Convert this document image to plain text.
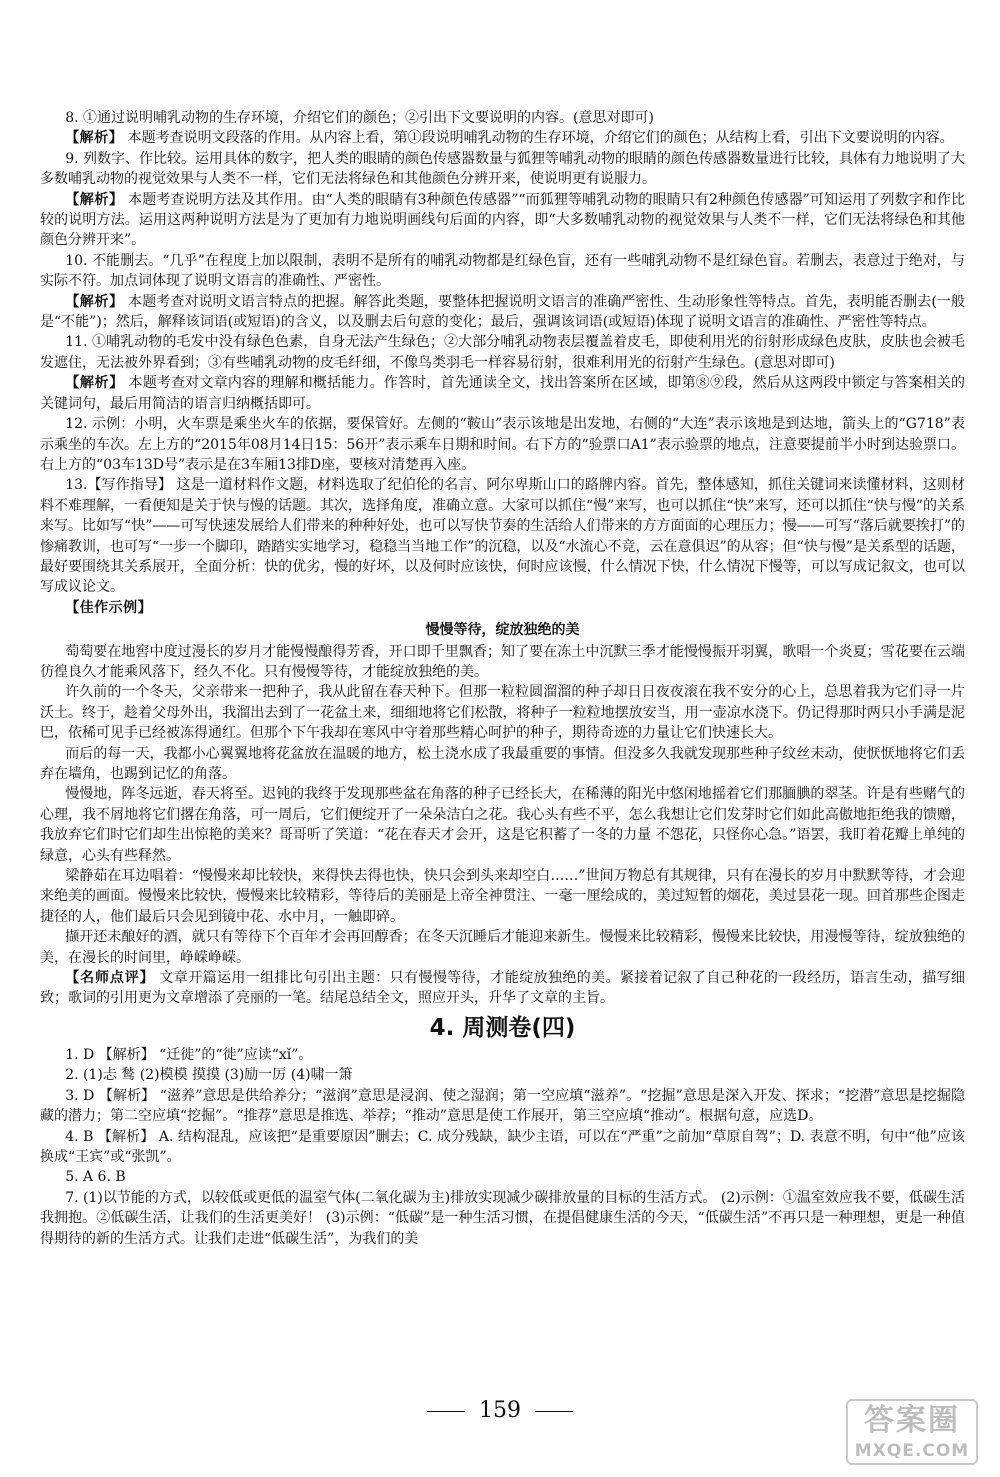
8. ①通过说明哺乳动物的生存环境，介绍它们的颜色；②引出下文要说明的内容。(意思对即可)

【解析】 本题考查说明文段落的作用。从内容上看，第①段说明哺乳动物的生存环境，介绍它们的颜色；从结构上看，引出下文要说明的内容。

9. 列数字、作比较。运用具体的数字，把人类的眼睛的颜色传感器数量与狐狸等哺乳动物的眼睛的颜色传感器数量进行比较，具体有力地说明了大多数哺乳动物的视觉效果与人类不一样，它们无法将绿色和其他颜色分辨开来，使说明更有说服力。

【解析】 本题考查说明方法及其作用。由“人类的眼睛有3种颜色传感器”“而狐狸等哺乳动物的眼睛只有2种颜色传感器”可知运用了列数字和作比较的说明方法。运用这两种说明方法是为了更加有力地说明画线句后面的内容，即“大多数哺乳动物的视觉效果与人类不一样，它们无法将绿色和其他颜色分辨开来”。

10. 不能删去。“几乎”在程度上加以限制，表明不是所有的哺乳动物都是红绿色盲，还有一些哺乳动物不是红绿色盲。若删去，表意过于绝对，与实际不符。加点词体现了说明文语言的准确性、严密性。

【解析】 本题考查对说明文语言特点的把握。解答此类题，要整体把握说明文语言的准确严密性、生动形象性等特点。首先，表明能否删去(一般是“不能”)；然后，解释该词语(或短语)的含义，以及删去后句意的变化；最后，强调该词语(或短语)体现了说明文语言的准确性、严密性等特点。

11. ①哺乳动物的毛发中没有绿色色素，自身无法产生绿色；②大部分哺乳动物表层覆盖着皮毛，即使利用光的衍射形成绿色皮肤，皮肤也会被毛发遮住，无法被外界看到；③有些哺乳动物的皮毛纤细，不像鸟类羽毛一样容易衍射，很难利用光的衍射产生绿色。(意思对即可)

【解析】 本题考查对文章内容的理解和概括能力。作答时，首先通读全文，找出答案所在区域，即第⑧⑨段，然后从这两段中锁定与答案相关的关键词句，最后用简洁的语言归纳概括即可。

12. 示例：小明，火车票是乘坐火车的依据，要保管好。左侧的“鞍山”表示该地是出发地，右侧的“大连”表示该地是到达地，箭头上的“G718”表示乘坐的车次。左上方的“2015年08月14日15：56开”表示乘车日期和时间。右下方的“验票口A1”表示验票的地点，注意要提前半小时到达验票口。右上方的“03车13D号”表示是在3车厢13排D座，要核对清楚再入座。

13.【写作指导】 这是一道材料作文题，材料选取了纪伯伦的名言、阿尔卑斯山口的路牌内容。首先，整体感知，抓住关键词来读懂材料，这则材料不难理解，一看便知是关于快与慢的话题。其次，选择角度，准确立意。大家可以抓住“慢”来写，也可以抓住“快”来写，还可以抓住“快与慢”的关系来写。比如写“快”——可写快速发展给人们带来的种种好处，也可以写快节奏的生活给人们带来的方方面面的心理压力；慢——可写“落后就要挨打”的惨痛教训，也可写“一步一个脚印，踏踏实实地学习，稳稳当当地工作”的沉稳，以及“水流心不竞，云在意俱迟”的从容；但“快与慢”是关系型的话题，最好要围绕其关系展开，全面分析：快的优劣，慢的好坏，以及何时应该快，何时应该慢，什么情况下快，什么情况下慢等，可以写成记叙文，也可以写成议论文。

【佳作示例】

慢慢等待，绽放独绝的美

萄萄要在地窖中度过漫长的岁月才能慢慢酿得芳香，开口即千里飘香；知了要在冻土中沉默三季才能慢慢振开羽翼，歌唱一个炎夏；雪花要在云端彷徨良久才能乘风落下，经久不化。只有慢慢等待，才能绽放独绝的美。

许久前的一个冬天，父亲带来一把种子，我从此留在春天种下。但那一粒粒圆溜溜的种子却日日夜夜滚在我不安分的心上，总思着我为它们寻一片沃土。终于，趁着父母外出，我溜出去到了一花盆土来，细细地将它们松散，将种子一粒粒地摆放安当，用一壶凉水浇下。仍记得那时两只小手满是泥巴，依稀可见手已经被冻得通红。但那个下午我却在寒风中守着那些精心呵护的种子，期待奇迹的力量让它们快速长大。

而后的每一天，我都小心翼翼地将花盆放在温暖的地方，松土浇水成了我最重要的事情。但没多久我就发现那些种子纹丝未动，使恹恹地将它们丢弃在墙角，也踢到记忆的角落。

慢慢地，阵冬远逝，春天将至。迟钝的我终于发现那些盆在角落的种子已经长大，在稀薄的阳光中悠闲地摇着它们那腼腆的翠茎。许是有些赌气的心理，我不屑地将它们撂在角落，可一周后，它们便绽开了一朵朵洁白之花。我心头有些不平，怎么我想让它们发芽时它们如此高傲地拒绝我的馈赠，我放弃它们时它们却生出惊艳的美来？哥哥听了笑道：“花在春天才会开，这是它积蓄了一冬的力量 不怨花，只怪你心急。”语罢，我盯着花瓣上单纯的绿意，心头有些释然。

梁静茹在耳边唱着：“慢慢来却比较快，来得快去得也快，快只会到头来却空白……”世间万物总有其规律，只有在漫长的岁月中默默等待，才会迎来绝美的画面。慢慢来比较快，慢慢来比较精彩，等待后的美丽是上帝全神贯注、一毫一厘绘成的，美过短暂的烟花，美过昙花一现。回首那些企图走捷径的人，他们最后只会见到镜中花、水中月，一触即碎。

撷开还未酿好的酒，就只有等待下个百年才会再回醇香；在冬天沉睡后才能迎来新生。慢慢来比较精彩，慢慢来比较快，用漫慢等待，绽放独绝的美，在漫长的时间里，峥嵘峥嵘。

【名师点评】 文章开篇运用一组排比句引出主题：只有慢慢等待，才能绽放独绝的美。紧接着记叙了自己种花的一段经历，语言生动，描写细致；歌词的引用更为文章增添了亮丽的一笔。结尾总结全文，照应开头，升华了文章的主旨。

4. 周测卷(四)

1. D 【解析】 “迁徙”的“徙”应读“xǐ”。

2. (1)忐 鹙 (2)模模 摸摸 (3)励一厉 (4)啸一箫

3. D 【解析】 “滋养”意思是供给养分；“滋润”意思是浸润、使之湿润；第一空应填“滋养”。“挖掘”意思是深入开发、探求；“挖潜”意思是挖掘隐藏的潜力；第二空应填“挖掘”。“推荐”意思是推选、举荐；“推动”意思是使工作展开，第三空应填“推动”。根据句意，应选D。

4. B 【解析】 A. 结构混乱，应该把“是重要原因”删去；C. 成分残缺，缺少主语，可以在“严重”之前加“草原自驾”；D. 表意不明，句中“他”应该换成“王宾”或“张凯”。

5. A 6. B

7. (1)以节能的方式，以较低或更低的温室气体(二氧化碳为主)排放实现减少碳排放量的目标的生活方式。 (2)示例：①温室效应我不要，低碳生活我拥抱。②低碳生活，让我们的生活更美好！ (3)示例：“低碳”是一种生活习惯，在提倡健康生活的今天，“低碳生活”不再只是一种理想，更是一种值得期待的新的生活方式。让我们走进“低碳生活”，为我们的美

159	答案圈
MXQE.COM
